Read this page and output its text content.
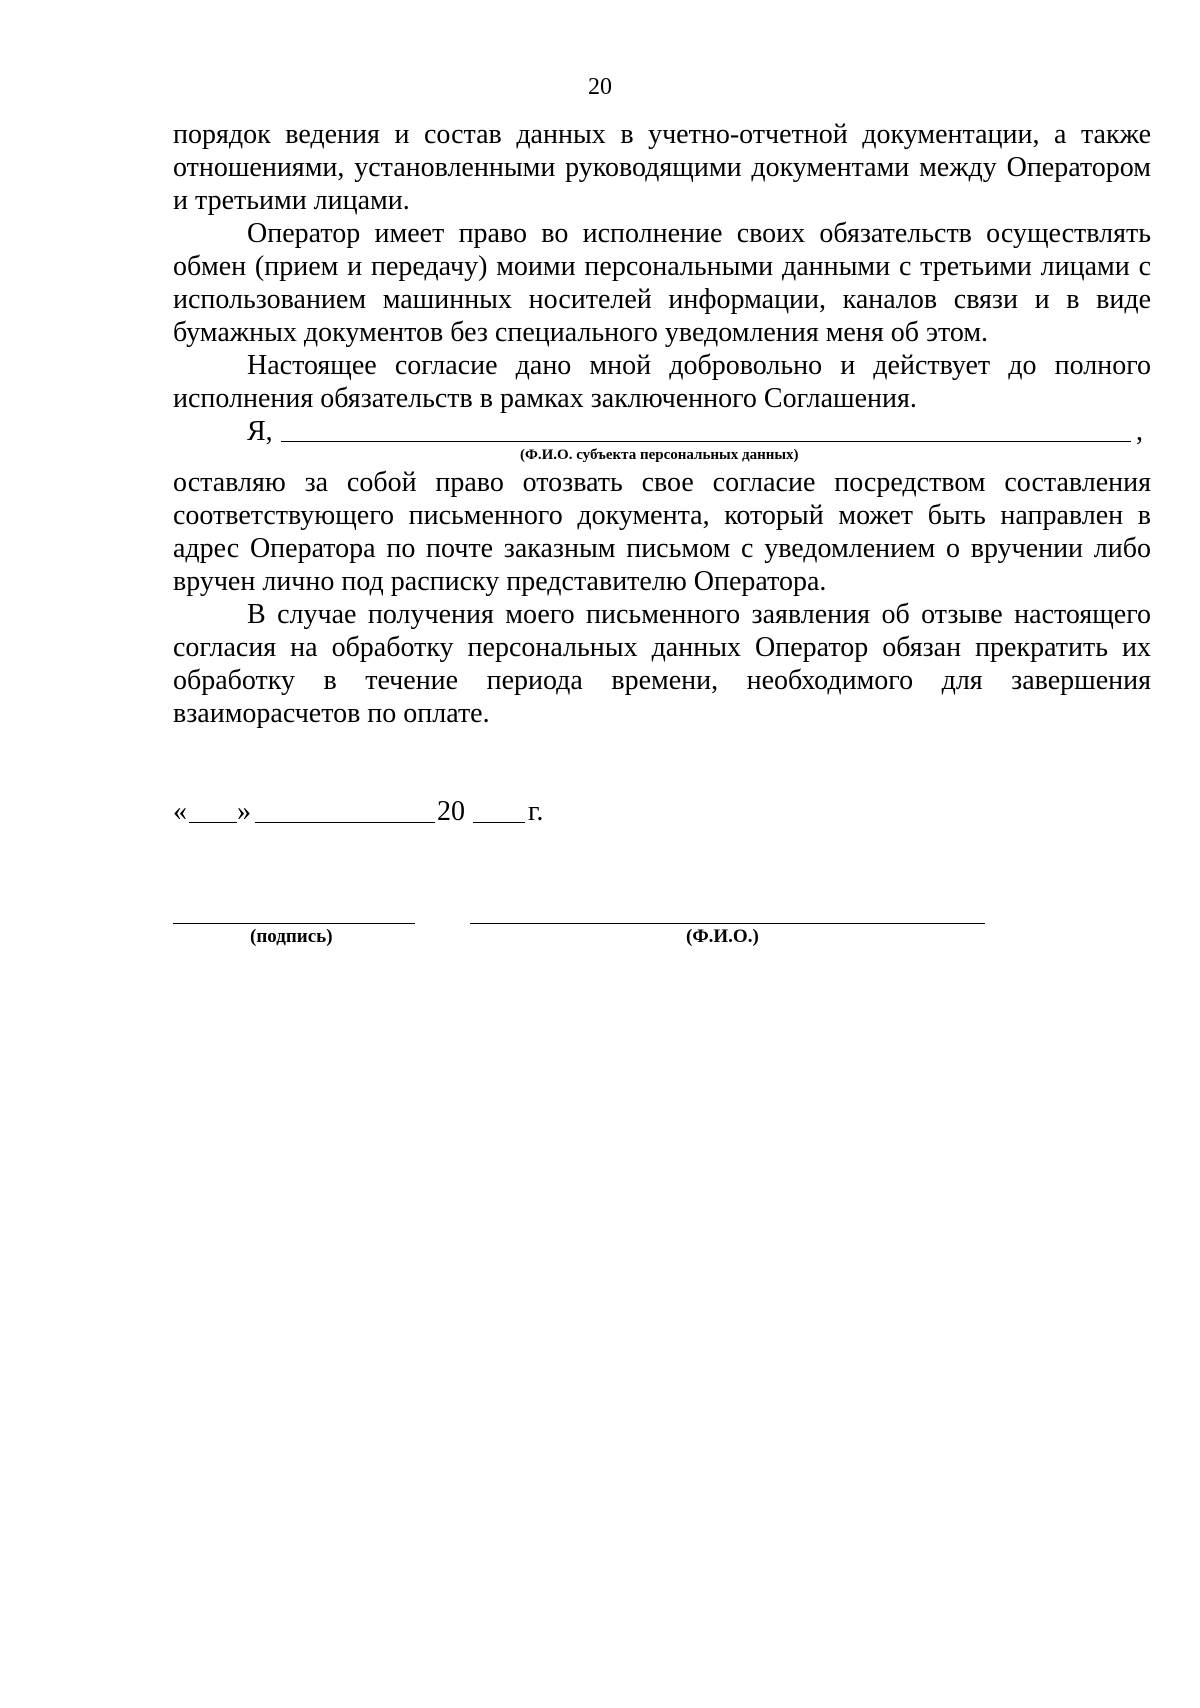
20

порядок ведения и состав данных в учетно-отчетной документации, а также отношениями, установленными руководящими документами между Оператором и третьими лицами.

Оператор имеет право во исполнение своих обязательств осуществлять обмен (прием и передачу) моими персональными данными с третьими лицами с использованием машинных носителей информации, каналов связи и в виде бумажных документов без специального уведомления меня об этом.

Настоящее согласие дано мной добровольно и действует до полного исполнения обязательств в рамках заключенного Соглашения.

Я,	,
(Ф.И.О. субъекта персональных данных)

оставляю за собой право отозвать свое согласие посредством составления соответствующего письменного документа, который может быть направлен в адрес Оператора по почте заказным письмом с уведомлением о вручении либо вручен лично под расписку представителю Оператора.

В случае получения моего письменного заявления об отзыве настоящего согласия на обработку персональных данных Оператор обязан прекратить их обработку в течение периода времени, необходимого для завершения взаиморасчетов по оплате.

« »	20 г.
(подпись)	(Ф.И.О.)
